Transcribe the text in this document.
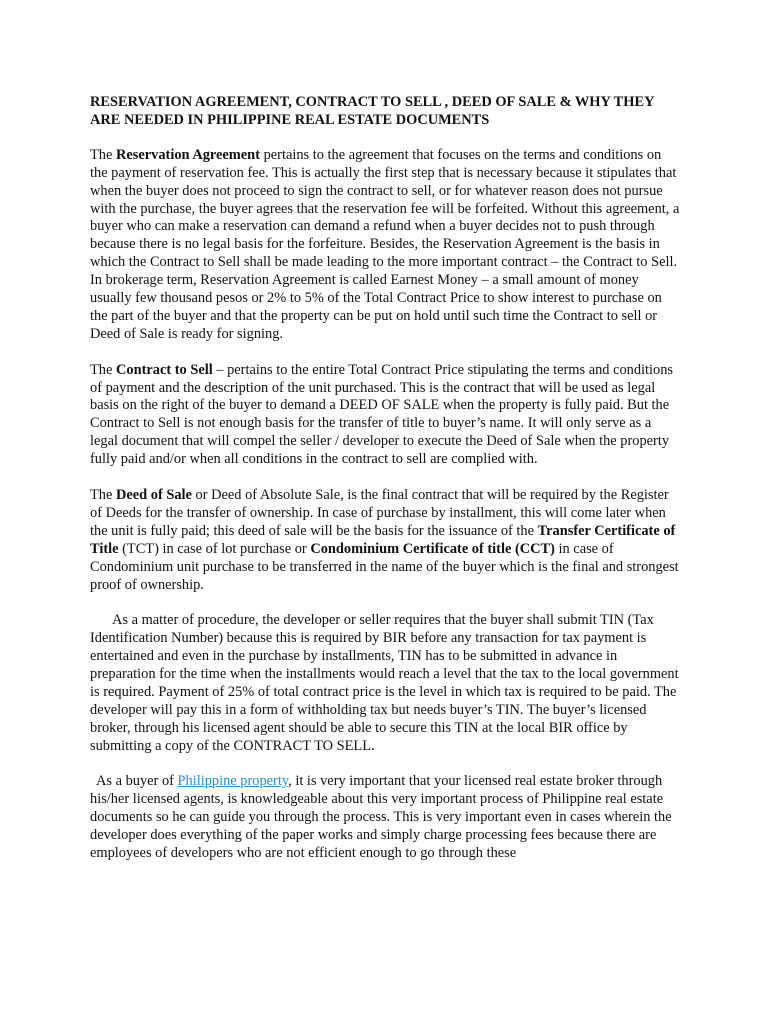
RESERVATION AGREEMENT, CONTRACT TO SELL , DEED OF SALE & WHY THEY ARE NEEDED IN PHILIPPINE REAL ESTATE DOCUMENTS

The Reservation Agreement pertains to the agreement that focuses on the terms and conditions on the payment of reservation fee. This is actually the first step that is necessary because it stipulates that when the buyer does not proceed to sign the contract to sell, or for whatever reason does not pursue with the purchase, the buyer agrees that the reservation fee will be forfeited. Without this agreement, a buyer who can make a reservation can demand a refund when a buyer decides not to push through because there is no legal basis for the forfeiture. Besides, the Reservation Agreement is the basis in which the Contract to Sell shall be made leading to the more important contract – the Contract to Sell. In brokerage term, Reservation Agreement is called Earnest Money – a small amount of money usually few thousand pesos or 2% to 5% of the Total Contract Price to show interest to purchase on the part of the buyer and that the property can be put on hold until such time the Contract to sell or Deed of Sale is ready for signing.

The Contract to Sell – pertains to the entire Total Contract Price stipulating the terms and conditions of payment and the description of the unit purchased. This is the contract that will be used as legal basis on the right of the buyer to demand a DEED OF SALE when the property is fully paid. But the Contract to Sell is not enough basis for the transfer of title to buyer’s name. It will only serve as a legal document that will compel the seller / developer to execute the Deed of Sale when the property fully paid and/or when all conditions in the contract to sell are complied with.

The Deed of Sale or Deed of Absolute Sale, is the final contract that will be required by the Register of Deeds for the transfer of ownership. In case of purchase by installment, this will come later when the unit is fully paid; this deed of sale will be the basis for the issuance of the Transfer Certificate of Title (TCT) in case of lot purchase or Condominium Certificate of title (CCT) in case of Condominium unit purchase to be transferred in the name of the buyer which is the final and strongest proof of ownership.

As a matter of procedure, the developer or seller requires that the buyer shall submit TIN (Tax Identification Number) because this is required by BIR before any transaction for tax payment is entertained and even in the purchase by installments, TIN has to be submitted in advance in preparation for the time when the installments would reach a level that the tax to the local government is required. Payment of 25% of total contract price is the level in which tax is required to be paid. The developer will pay this in a form of withholding tax but needs buyer’s TIN. The buyer’s licensed broker, through his licensed agent should be able to secure this TIN at the local BIR office by submitting a copy of the CONTRACT TO SELL.

As a buyer of Philippine property, it is very important that your licensed real estate broker through his/her licensed agents, is knowledgeable about this very important process of Philippine real estate documents so he can guide you through the process. This is very important even in cases wherein the developer does everything of the paper works and simply charge processing fees because there are employees of developers who are not efficient enough to go through these
